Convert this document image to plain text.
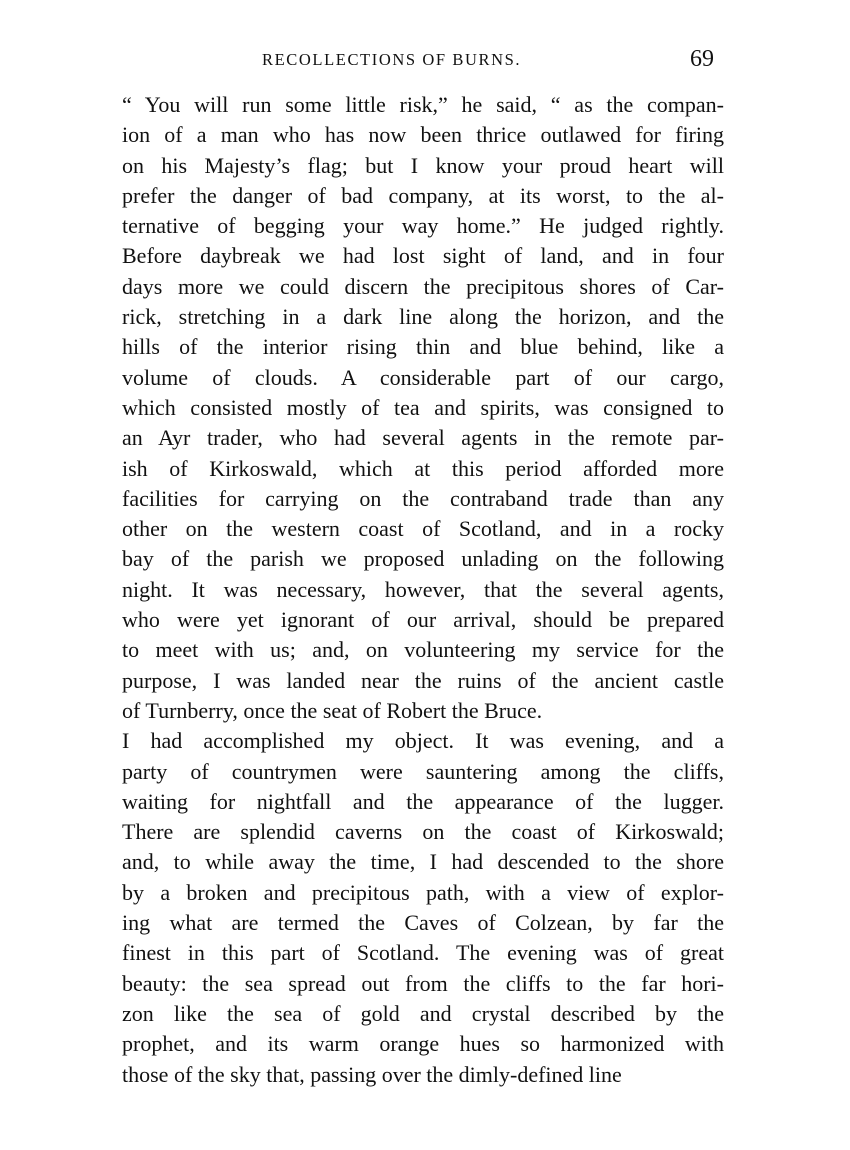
RECOLLECTIONS OF BURNS.	69
“ You will run some little risk,” he said, “ as the compan-
ion of a man who has now been thrice outlawed for firing
on his Majesty’s flag; but I know your proud heart will
prefer the danger of bad company, at its worst, to the al-
ternative of begging your way home.” He judged rightly.
Before daybreak we had lost sight of land, and in four
days more we could discern the precipitous shores of Car-
rick, stretching in a dark line along the horizon, and the
hills of the interior rising thin and blue behind, like a
volume of clouds. A considerable part of our cargo,
which consisted mostly of tea and spirits, was consigned to
an Ayr trader, who had several agents in the remote par-
ish of Kirkoswald, which at this period afforded more
facilities for carrying on the contraband trade than any
other on the western coast of Scotland, and in a rocky
bay of the parish we proposed unlading on the following
night. It was necessary, however, that the several agents,
who were yet ignorant of our arrival, should be prepared
to meet with us; and, on volunteering my service for the
purpose, I was landed near the ruins of the ancient castle
of Turnberry, once the seat of Robert the Bruce.
I had accomplished my object. It was evening, and a
party of countrymen were sauntering among the cliffs,
waiting for nightfall and the appearance of the lugger.
There are splendid caverns on the coast of Kirkoswald;
and, to while away the time, I had descended to the shore
by a broken and precipitous path, with a view of explor-
ing what are termed the Caves of Colzean, by far the
finest in this part of Scotland. The evening was of great
beauty: the sea spread out from the cliffs to the far hori-
zon like the sea of gold and crystal described by the
prophet, and its warm orange hues so harmonized with
those of the sky that, passing over the dimly-defined line
